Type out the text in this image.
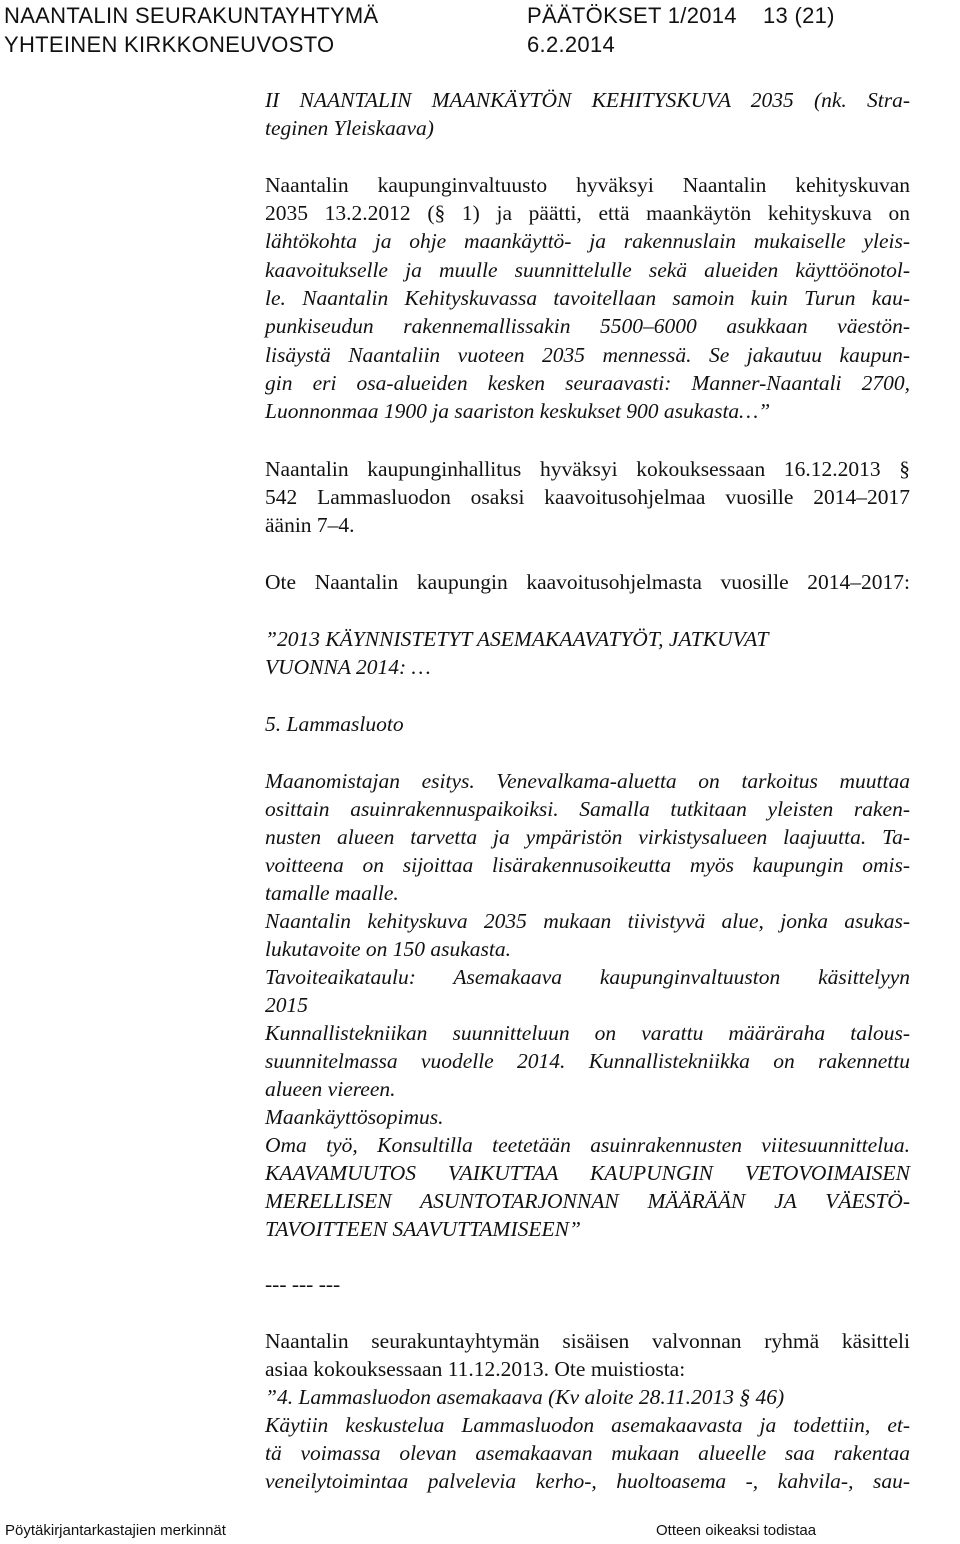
NAANTALIN SEURAKUNTAYHTYMÄ	PÄÄTÖKSET 1/2014 13 (21)
YHTEINEN KIRKKONEUVOSTO	6.2.2014
II NAANTALIN MAANKÄYTÖN KEHITYSKUVA 2035 (nk. Stra-
teginen Yleiskaava)
Naantalin kaupunginvaltuusto hyväksyi Naantalin kehityskuvan
2035 13.2.2012 (§ 1) ja päätti, että maankäytön kehityskuva on
lähtökohta ja ohje maankäyttö- ja rakennuslain mukaiselle yleis-
kaavoitukselle ja muulle suunnittelulle sekä alueiden käyttöönotol-
le. Naantalin Kehityskuvassa tavoitellaan samoin kuin Turun kau-
punkiseudun rakennemallissakin 5500–6000 asukkaan väestön-
lisäystä Naantaliin vuoteen 2035 mennessä. Se jakautuu kaupun-
gin eri osa-alueiden kesken seuraavasti: Manner-Naantali 2700,
Luonnonmaa 1900 ja saariston keskukset 900 asukasta…”
Naantalin kaupunginhallitus hyväksyi kokouksessaan 16.12.2013 §
542 Lammasluodon osaksi kaavoitusohjelmaa vuosille 2014–2017
äänin 7–4.
Ote Naantalin kaupungin kaavoitusohjelmasta vuosille 2014–2017:
”2013 KÄYNNISTETYT ASEMAKAAVATYÖT, JATKUVAT
VUONNA 2014: …
5. Lammasluoto
Maanomistajan esitys. Venevalkama-aluetta on tarkoitus muuttaa
osittain asuinrakennuspaikoiksi. Samalla tutkitaan yleisten raken-
nusten alueen tarvetta ja ympäristön virkistysalueen laajuutta. Ta-
voitteena on sijoittaa lisärakennusoikeutta myös kaupungin omis-
tamalle maalle.
Naantalin kehityskuva 2035 mukaan tiivistyvä alue, jonka asukas-
lukutavoite on 150 asukasta.
Tavoiteaikataulu: Asemakaava kaupunginvaltuuston käsittelyyn
2015
Kunnallistekniikan suunnitteluun on varattu määräraha talous-
suunnitelmassa vuodelle 2014. Kunnallistekniikka on rakennettu
alueen viereen.
Maankäyttösopimus.
Oma työ, Konsultilla teetetään asuinrakennusten viitesuunnittelua.
KAAVAMUUTOS VAIKUTTAA KAUPUNGIN VETOVOIMAISEN
MERELLISEN ASUNTOTARJONNAN MÄÄRÄÄN JA VÄESTÖ-
TAVOITTEEN SAAVUTTAMISEEN”
--- --- ---
Naantalin seurakuntayhtymän sisäisen valvonnan ryhmä käsitteli
asiaa kokouksessaan 11.12.2013. Ote muistiosta:
”4. Lammasluodon asemakaava (Kv aloite 28.11.2013 § 46)
Käytiin keskustelua Lammasluodon asemakaavasta ja todettiin, et-
tä voimassa olevan asemakaavan mukaan alueelle saa rakentaa
veneilytoimintaa palvelevia kerho-, huoltoasema -, kahvila-, sau-
Pöytäkirjantarkastajien merkinnät	Otteen oikeaksi todistaa
